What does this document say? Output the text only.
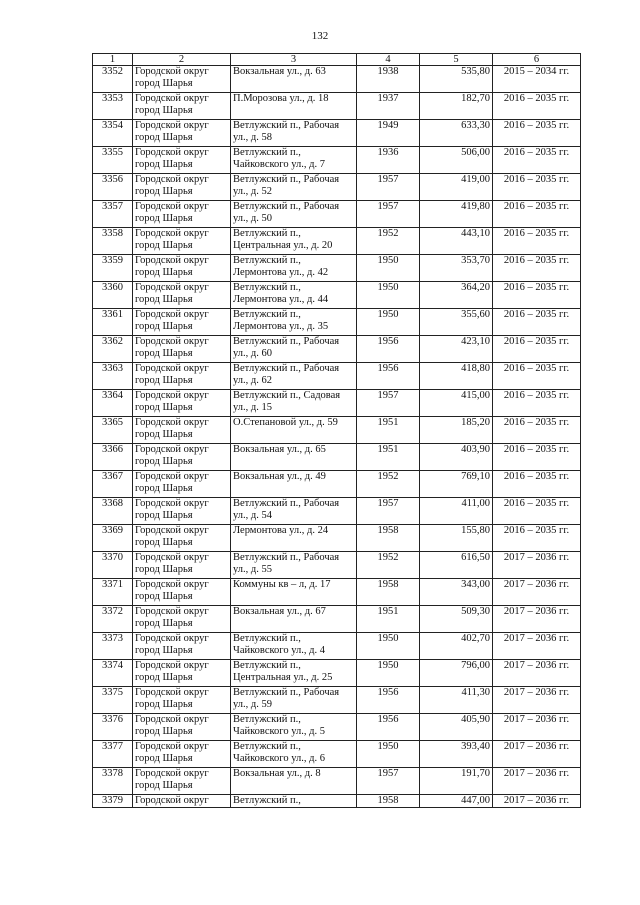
132
1	2	3	4	5	6
3352	Городской округ город Шарья	Вокзальная ул., д. 63	1938	535,80	2015 – 2034 гг.
3353	Городской округ город Шарья	П.Морозова ул., д. 18	1937	182,70	2016 – 2035 гг.
3354	Городской округ город Шарья	Ветлужский п., Рабочая ул., д. 58	1949	633,30	2016 – 2035 гг.
3355	Городской округ город Шарья	Ветлужский п., Чайковского ул., д. 7	1936	506,00	2016 – 2035 гг.
3356	Городской округ город Шарья	Ветлужский п., Рабочая ул., д. 52	1957	419,00	2016 – 2035 гг.
3357	Городской округ город Шарья	Ветлужский п., Рабочая ул., д. 50	1957	419,80	2016 – 2035 гг.
3358	Городской округ город Шарья	Ветлужский п., Центральная ул., д. 20	1952	443,10	2016 – 2035 гг.
3359	Городской округ город Шарья	Ветлужский п., Лермонтова ул., д. 42	1950	353,70	2016 – 2035 гг.
3360	Городской округ город Шарья	Ветлужский п., Лермонтова ул., д. 44	1950	364,20	2016 – 2035 гг.
3361	Городской округ город Шарья	Ветлужский п., Лермонтова ул., д. 35	1950	355,60	2016 – 2035 гг.
3362	Городской округ город Шарья	Ветлужский п., Рабочая ул., д. 60	1956	423,10	2016 – 2035 гг.
3363	Городской округ город Шарья	Ветлужский п., Рабочая ул., д. 62	1956	418,80	2016 – 2035 гг.
3364	Городской округ город Шарья	Ветлужский п., Садовая ул., д. 15	1957	415,00	2016 – 2035 гг.
3365	Городской округ город Шарья	О.Степановой ул., д. 59	1951	185,20	2016 – 2035 гг.
3366	Городской округ город Шарья	Вокзальная ул., д. 65	1951	403,90	2016 – 2035 гг.
3367	Городской округ город Шарья	Вокзальная ул., д. 49	1952	769,10	2016 – 2035 гг.
3368	Городской округ город Шарья	Ветлужский п., Рабочая ул., д. 54	1957	411,00	2016 – 2035 гг.
3369	Городской округ город Шарья	Лермонтова ул., д. 24	1958	155,80	2016 – 2035 гг.
3370	Городской округ город Шарья	Ветлужский п., Рабочая ул., д. 55	1952	616,50	2017 – 2036 гг.
3371	Городской округ город Шарья	Коммуны кв – л, д. 17	1958	343,00	2017 – 2036 гг.
3372	Городской округ город Шарья	Вокзальная ул., д. 67	1951	509,30	2017 – 2036 гг.
3373	Городской округ город Шарья	Ветлужский п., Чайковского ул., д. 4	1950	402,70	2017 – 2036 гг.
3374	Городской округ город Шарья	Ветлужский п., Центральная ул., д. 25	1950	796,00	2017 – 2036 гг.
3375	Городской округ город Шарья	Ветлужский п., Рабочая ул., д. 59	1956	411,30	2017 – 2036 гг.
3376	Городской округ город Шарья	Ветлужский п., Чайковского ул., д. 5	1956	405,90	2017 – 2036 гг.
3377	Городской округ город Шарья	Ветлужский п., Чайковского ул., д. 6	1950	393,40	2017 – 2036 гг.
3378	Городской округ город Шарья	Вокзальная ул., д. 8	1957	191,70	2017 – 2036 гг.
3379	Городской округ	Ветлужский п.,	1958	447,00	2017 – 2036 гг.
